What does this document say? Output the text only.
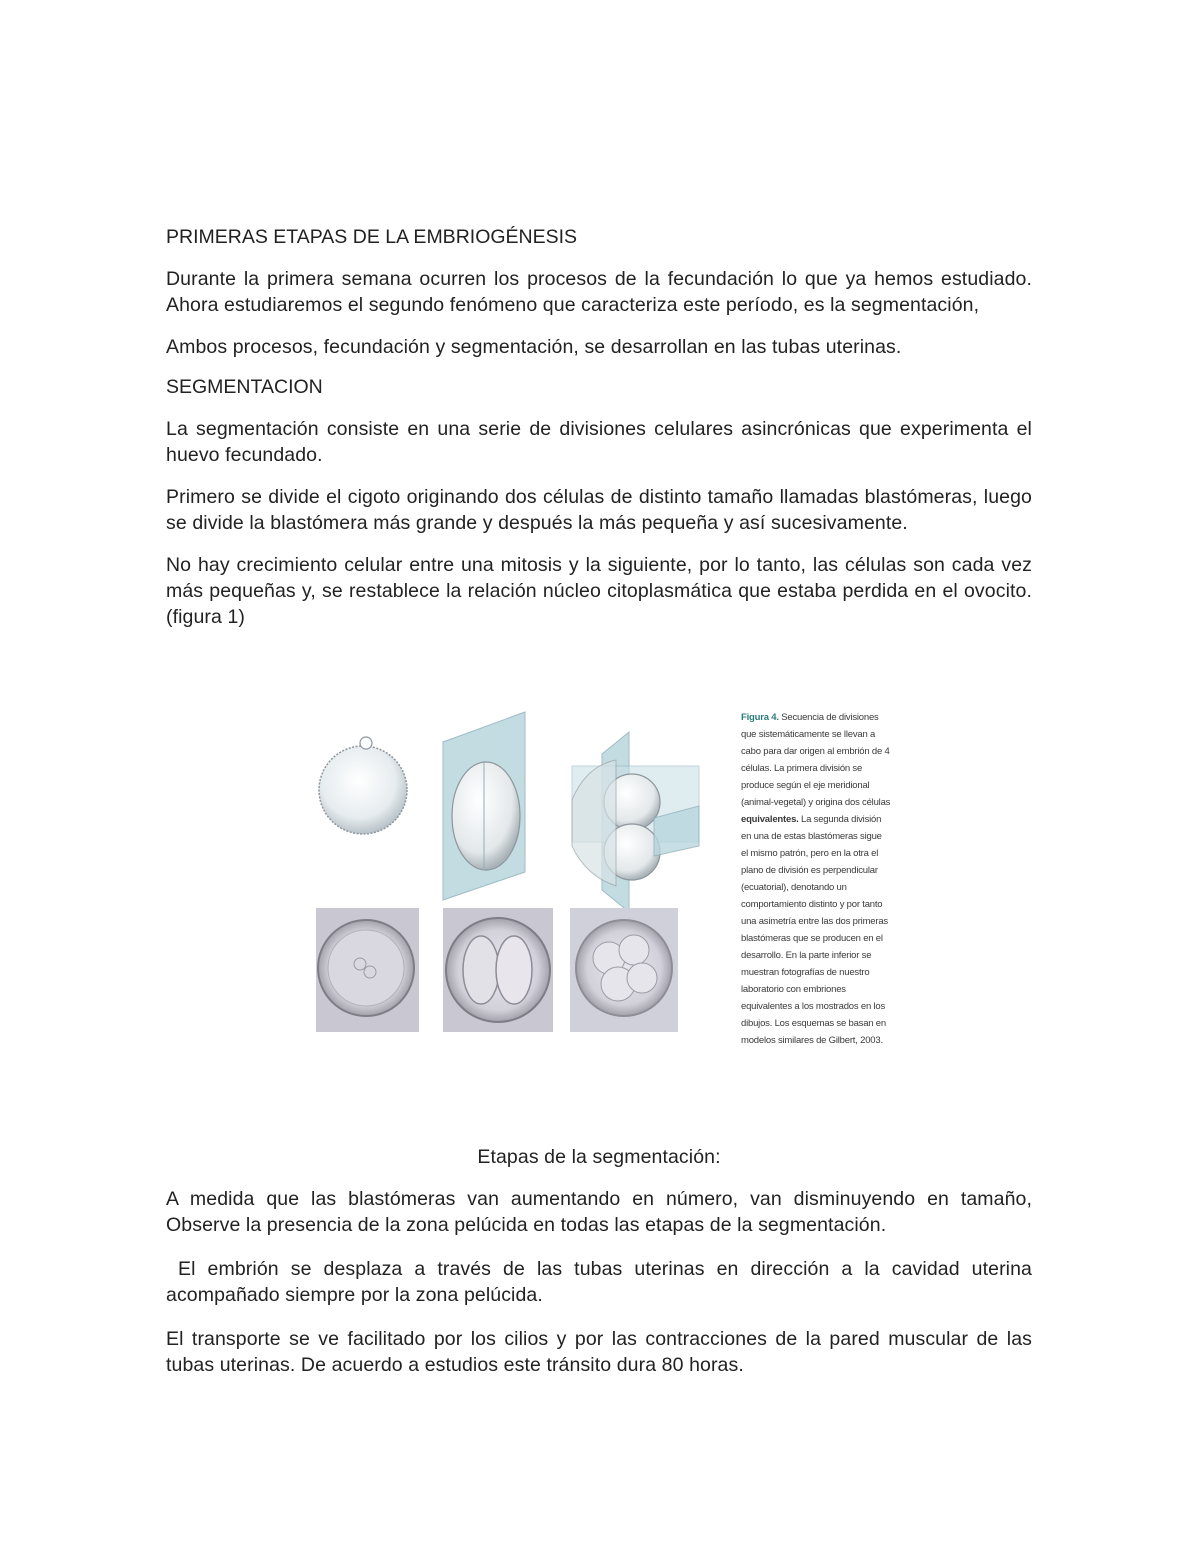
PRIMERAS ETAPAS DE LA EMBRIOGÉNESIS

Durante la primera semana ocurren los procesos de la fecundación lo que ya hemos estudiado. Ahora estudiaremos el segundo fenómeno que caracteriza este período, es la segmentación,

Ambos procesos, fecundación y segmentación, se desarrollan en las tubas uterinas.

SEGMENTACION

La segmentación consiste en una serie de divisiones celulares asincrónicas que experimenta el huevo fecundado.

Primero se divide el cigoto originando dos células de distinto tamaño llamadas blastómeras, luego se divide la blastómera más grande y después la más pequeña y así sucesivamente.

No hay crecimiento celular entre una mitosis y la siguiente, por lo tanto, las células son cada vez más pequeñas y, se restablece la relación núcleo citoplasmática que estaba perdida en el ovocito. (figura 1)

Figura 4. Secuencia de divisiones que sistemáticamente se llevan a cabo para dar origen al embrión de 4 células. La primera división se produce según el eje meridional (animal-vegetal) y origina dos células equivalentes. La segunda división en una de estas blastómeras sigue el mismo patrón, pero en la otra el plano de división es perpendicular (ecuatorial), denotando un comportamiento distinto y por tanto una asimetría entre las dos primeras blastómeras que se producen en el desarrollo. En la parte inferior se muestran fotografías de nuestro laboratorio con embriones equivalentes a los mostrados en los dibujos. Los esquemas se basan en modelos similares de Gilbert, 2003.

Etapas de la segmentación:

A medida que las blastómeras van aumentando en número, van disminuyendo en tamaño, Observe la presencia de la zona pelúcida en todas las etapas de la segmentación.

El embrión se desplaza a través de las tubas uterinas en dirección a la cavidad uterina acompañado siempre por la zona pelúcida.

El transporte se ve facilitado por los cilios y por las contracciones de la pared muscular de las tubas uterinas. De acuerdo a estudios este tránsito dura 80 horas.
